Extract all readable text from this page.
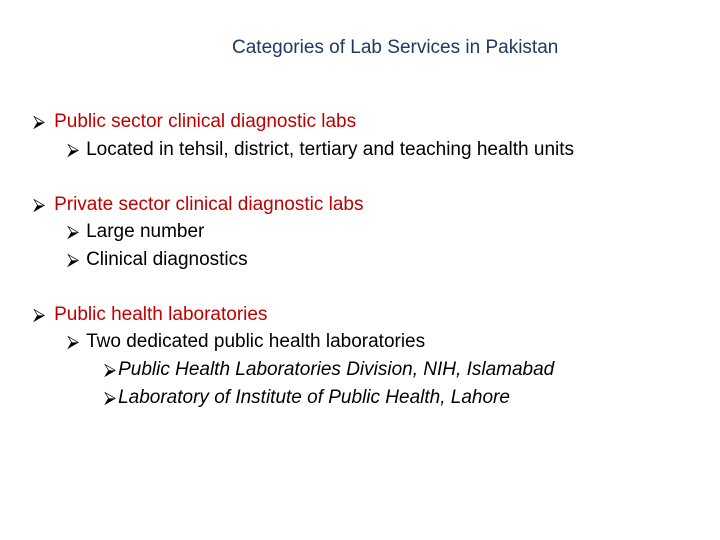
Categories of Lab Services in Pakistan
⮚ Public sector clinical diagnostic labs
⮚ Located in tehsil, district, tertiary and teaching health units
⮚ Private sector clinical diagnostic labs
⮚ Large number
⮚ Clinical diagnostics
⮚ Public health laboratories
⮚ Two dedicated public health laboratories
⮚ Public Health Laboratories Division, NIH, Islamabad
⮚ Laboratory of Institute of Public Health, Lahore
